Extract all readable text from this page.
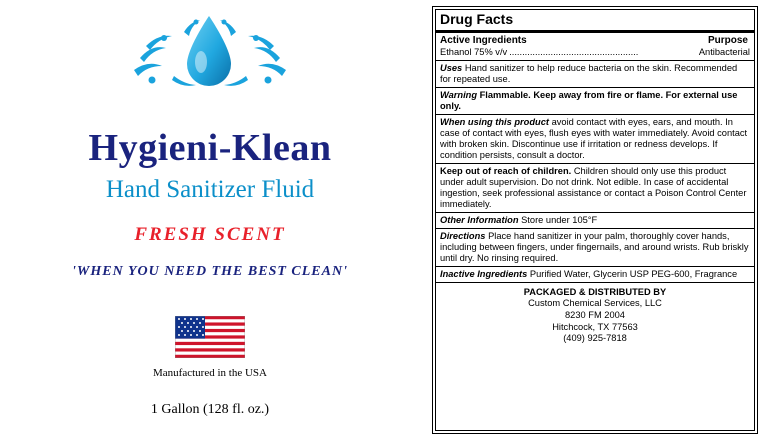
Hygieni-Klean
Hand Sanitizer Fluid
FRESH SCENT
'WHEN YOU NEED THE BEST CLEAN'
Manufactured in the USA
1 Gallon (128 fl. oz.)
Drug Facts
Active Ingredients	Purpose
Ethanol 75% v/v ..................................................	Antibacterial
Uses Hand sanitizer to help reduce bacteria on the skin. Recommended for repeated use.
Warning Flammable. Keep away from fire or flame. For external use only.
When using this product avoid contact with eyes, ears, and mouth. In case of contact with eyes, flush eyes with water immediately. Avoid contact with broken skin. Discontinue use if irritation or redness develops. If condition persists, consult a doctor.
Keep out of reach of children. Children should only use this product under adult supervision. Do not drink. Not edible. In case of accidental ingestion, seek professional assistance or contact a Poison Control Center immediately.
Other Information Store under 105°F
Directions Place hand sanitizer in your palm, thoroughly cover hands, including between fingers, under fingernails, and around wrists. Rub briskly until dry. No rinsing required.
Inactive Ingredients Purified Water, Glycerin USP PEG-600, Fragrance
PACKAGED & DISTRIBUTED BY
Custom Chemical Services, LLC
8230 FM 2004
Hitchcock, TX 77563
(409) 925-7818
